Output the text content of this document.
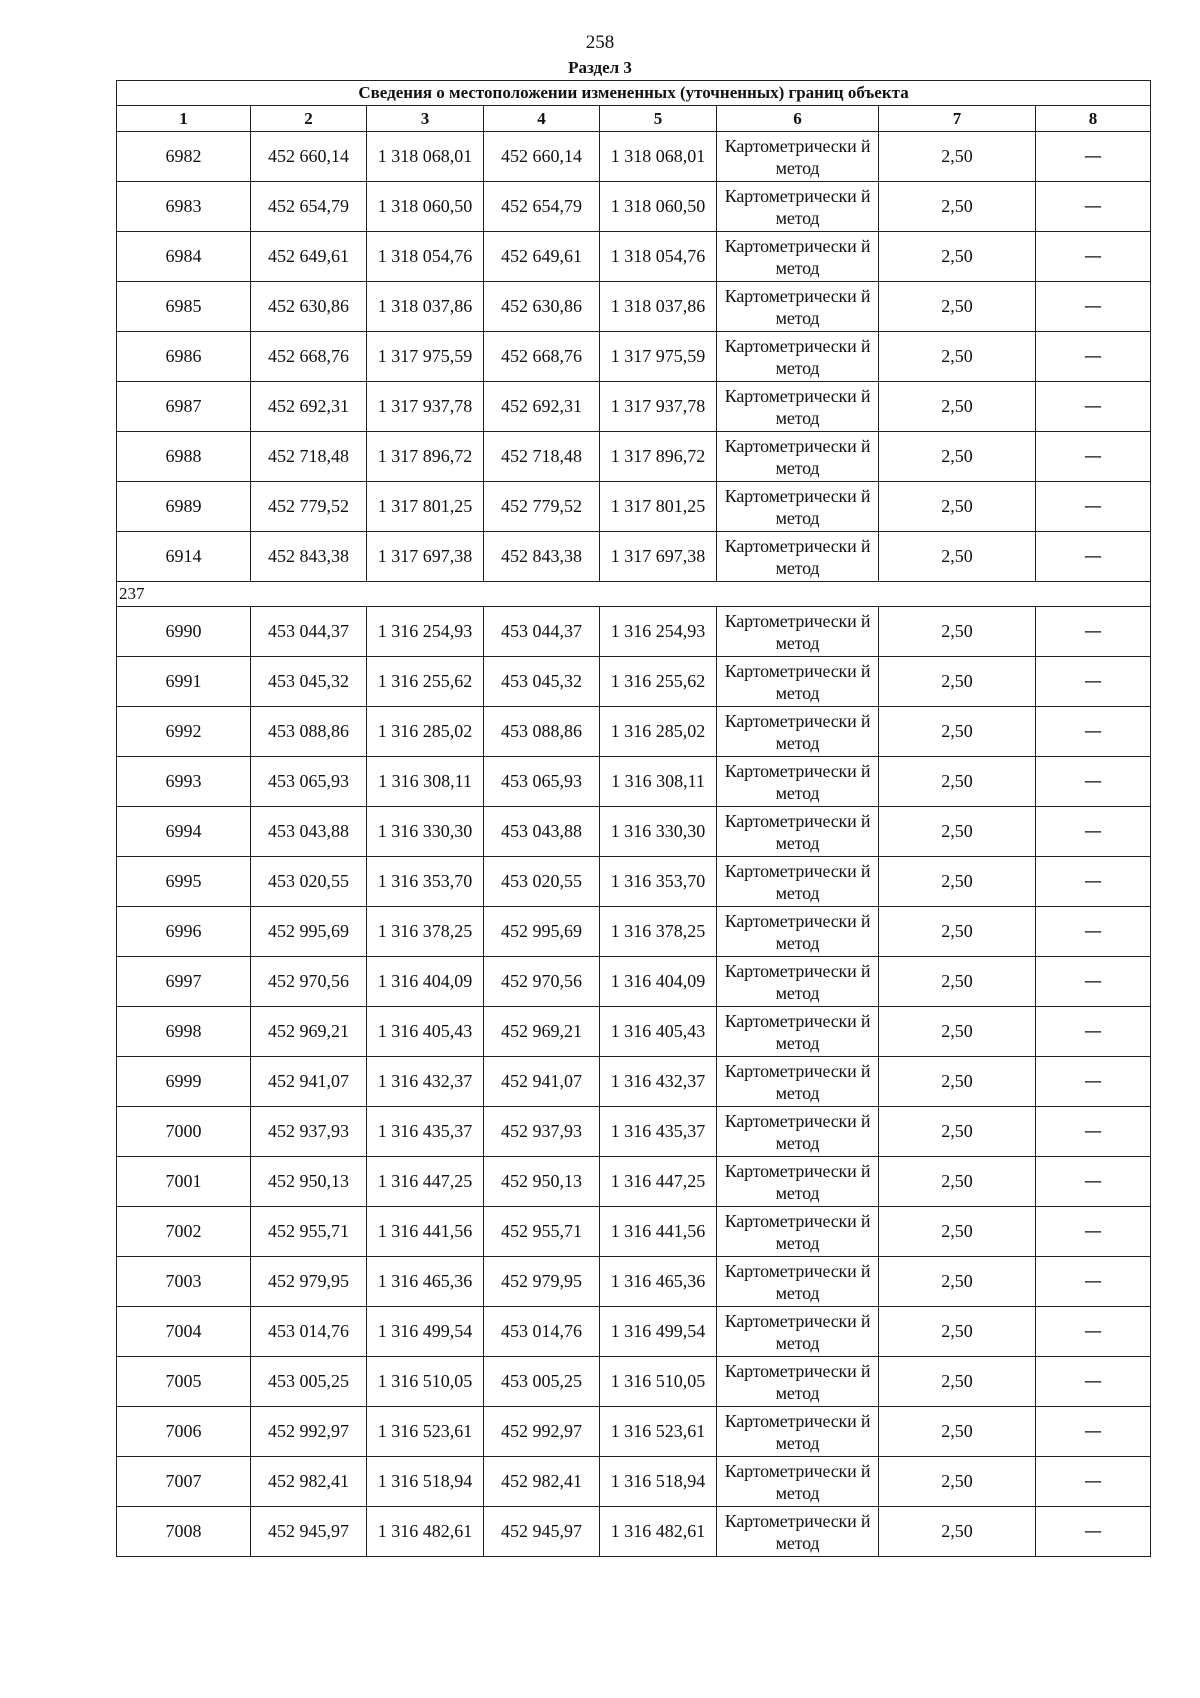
258
Раздел 3
Сведения о местоположении измененных (уточненных) границ объекта							
1	2	3	4	5	6	7	8
6982	452 660,14	1 318 068,01	452 660,14	1 318 068,01	Картометрически й метод	2,50	—
6983	452 654,79	1 318 060,50	452 654,79	1 318 060,50	Картометрически й метод	2,50	—
6984	452 649,61	1 318 054,76	452 649,61	1 318 054,76	Картометрически й метод	2,50	—
6985	452 630,86	1 318 037,86	452 630,86	1 318 037,86	Картометрически й метод	2,50	—
6986	452 668,76	1 317 975,59	452 668,76	1 317 975,59	Картометрически й метод	2,50	—
6987	452 692,31	1 317 937,78	452 692,31	1 317 937,78	Картометрически й метод	2,50	—
6988	452 718,48	1 317 896,72	452 718,48	1 317 896,72	Картометрически й метод	2,50	—
6989	452 779,52	1 317 801,25	452 779,52	1 317 801,25	Картометрически й метод	2,50	—
6914	452 843,38	1 317 697,38	452 843,38	1 317 697,38	Картометрически й метод	2,50	—
237							
6990	453 044,37	1 316 254,93	453 044,37	1 316 254,93	Картометрически й метод	2,50	—
6991	453 045,32	1 316 255,62	453 045,32	1 316 255,62	Картометрически й метод	2,50	—
6992	453 088,86	1 316 285,02	453 088,86	1 316 285,02	Картометрически й метод	2,50	—
6993	453 065,93	1 316 308,11	453 065,93	1 316 308,11	Картометрически й метод	2,50	—
6994	453 043,88	1 316 330,30	453 043,88	1 316 330,30	Картометрически й метод	2,50	—
6995	453 020,55	1 316 353,70	453 020,55	1 316 353,70	Картометрически й метод	2,50	—
6996	452 995,69	1 316 378,25	452 995,69	1 316 378,25	Картометрически й метод	2,50	—
6997	452 970,56	1 316 404,09	452 970,56	1 316 404,09	Картометрически й метод	2,50	—
6998	452 969,21	1 316 405,43	452 969,21	1 316 405,43	Картометрически й метод	2,50	—
6999	452 941,07	1 316 432,37	452 941,07	1 316 432,37	Картометрически й метод	2,50	—
7000	452 937,93	1 316 435,37	452 937,93	1 316 435,37	Картометрически й метод	2,50	—
7001	452 950,13	1 316 447,25	452 950,13	1 316 447,25	Картометрически й метод	2,50	—
7002	452 955,71	1 316 441,56	452 955,71	1 316 441,56	Картометрически й метод	2,50	—
7003	452 979,95	1 316 465,36	452 979,95	1 316 465,36	Картометрически й метод	2,50	—
7004	453 014,76	1 316 499,54	453 014,76	1 316 499,54	Картометрически й метод	2,50	—
7005	453 005,25	1 316 510,05	453 005,25	1 316 510,05	Картометрически й метод	2,50	—
7006	452 992,97	1 316 523,61	452 992,97	1 316 523,61	Картометрически й метод	2,50	—
7007	452 982,41	1 316 518,94	452 982,41	1 316 518,94	Картометрически й метод	2,50	—
7008	452 945,97	1 316 482,61	452 945,97	1 316 482,61	Картометрически й метод	2,50	—
